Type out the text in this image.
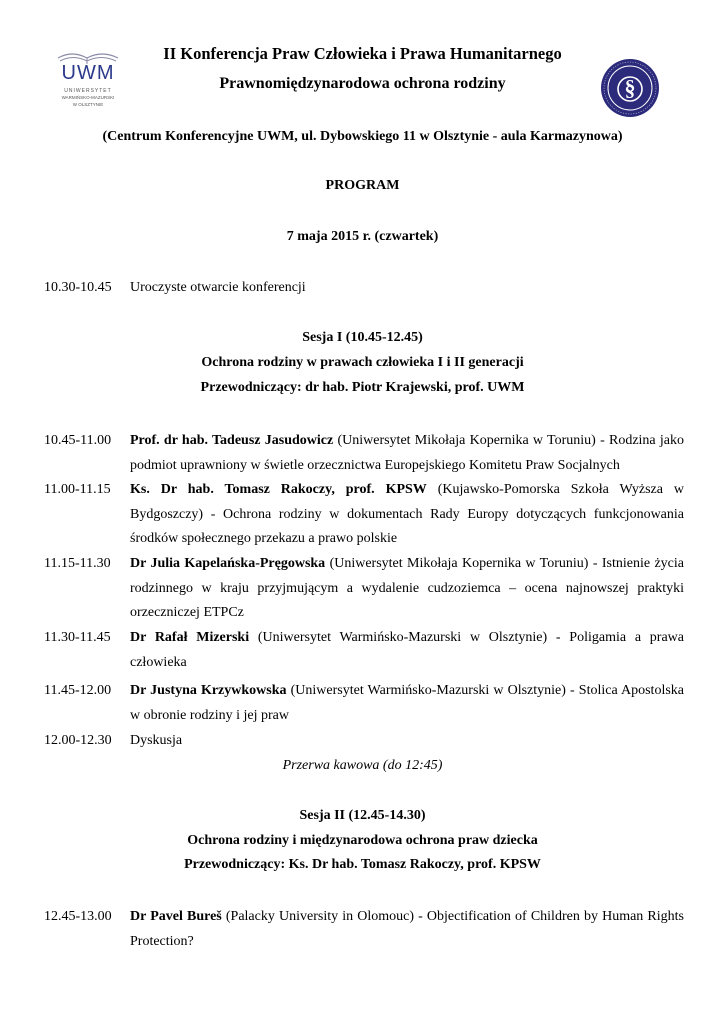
UWM
UNIWERSYTET
WARMIŃSKO-MAZURSKI
W OLSZTYNIE
§
II Konferencja Praw Człowieka i Prawa Humanitarnego
Prawnomiędzynarodowa ochrona rodziny
(Centrum Konferencyjne UWM, ul. Dybowskiego 11 w Olsztynie - aula Karmazynowa)
PROGRAM
7 maja 2015 r. (czwartek)
10.30-10.45	Uroczyste otwarcie konferencji
Sesja I (10.45-12.45)
Ochrona rodziny w prawach człowieka I i II generacji
Przewodniczący: dr hab. Piotr Krajewski, prof. UWM
10.45-11.00	Prof. dr hab. Tadeusz Jasudowicz (Uniwersytet Mikołaja Kopernika w Toruniu) - Rodzina jako podmiot uprawniony w świetle orzecznictwa Europejskiego Komitetu Praw Socjalnych
11.00-11.15	Ks. Dr hab. Tomasz Rakoczy, prof. KPSW (Kujawsko-Pomorska Szkoła Wyższa w Bydgoszczy) - Ochrona rodziny w dokumentach Rady Europy dotyczących funkcjonowania środków społecznego przekazu a prawo polskie
11.15-11.30	Dr Julia Kapelańska-Pręgowska (Uniwersytet Mikołaja Kopernika w Toruniu) - Istnienie życia rodzinnego w kraju przyjmującym a wydalenie cudzoziemca – ocena najnowszej praktyki orzeczniczej ETPCz
11.30-11.45	Dr Rafał Mizerski (Uniwersytet Warmińsko-Mazurski w Olsztynie) - Poligamia a prawa człowieka
11.45-12.00	Dr Justyna Krzywkowska (Uniwersytet Warmińsko-Mazurski w Olsztynie) - Stolica Apostolska w obronie rodziny i jej praw
12.00-12.30	Dyskusja
Przerwa kawowa (do 12:45)
Sesja II (12.45-14.30)
Ochrona rodziny i międzynarodowa ochrona praw dziecka
Przewodniczący: Ks. Dr hab. Tomasz Rakoczy, prof. KPSW
12.45-13.00	Dr Pavel Bureš (Palacky University in Olomouc) - Objectification of Children by Human Rights Protection?
